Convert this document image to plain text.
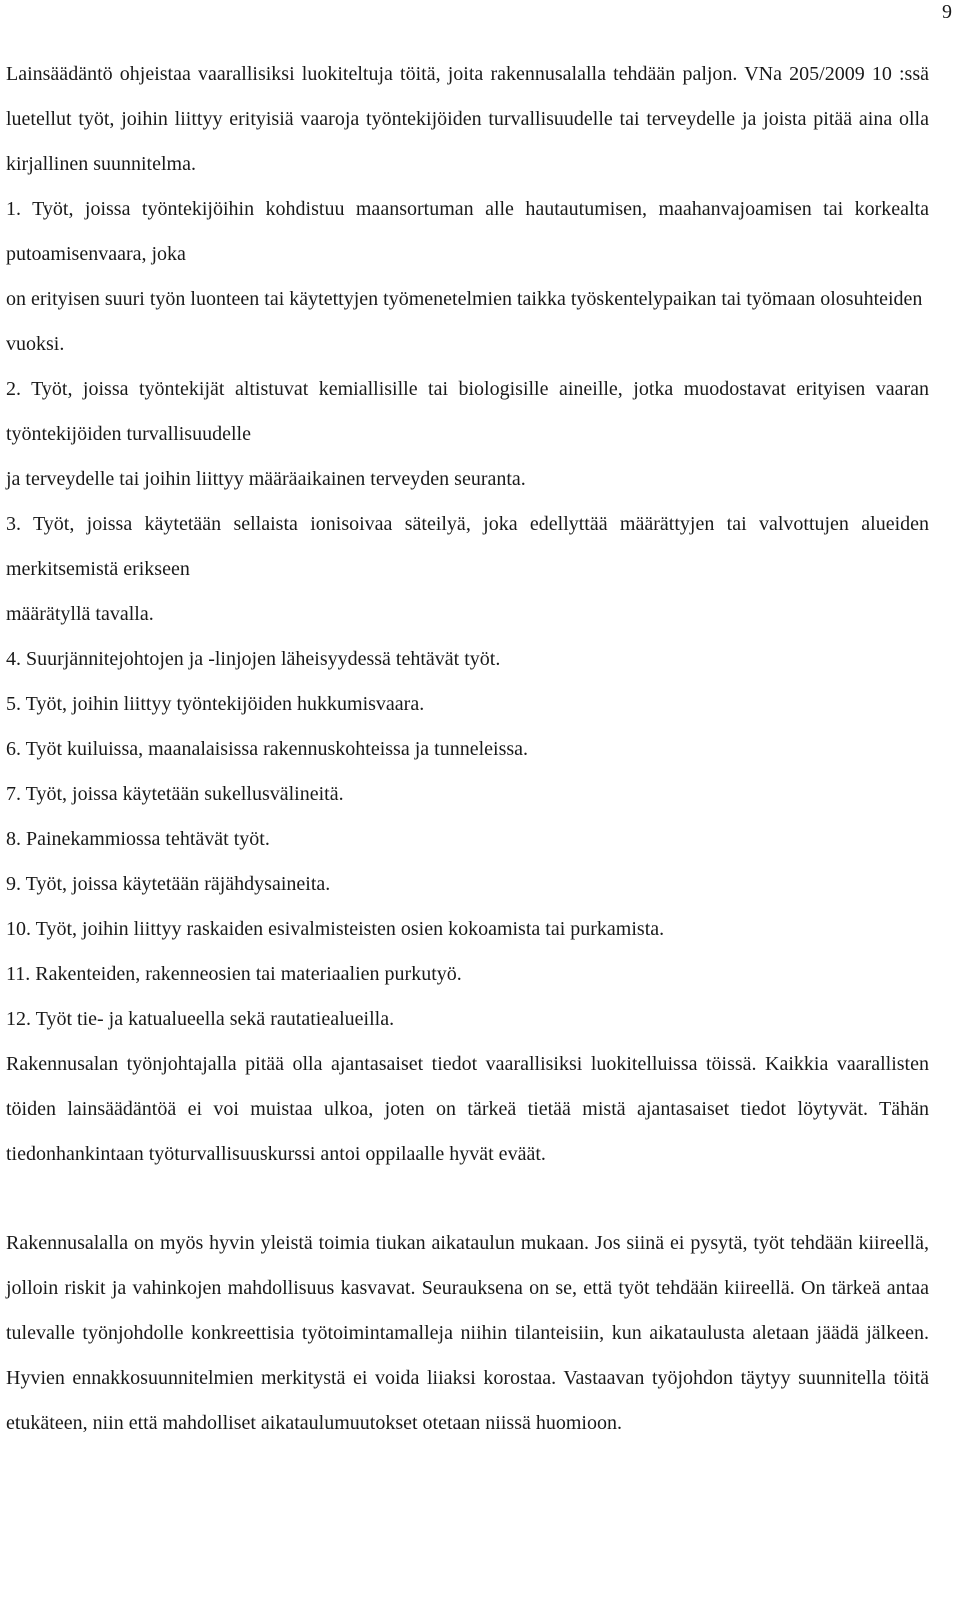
9

Lainsäädäntö ohjeistaa vaarallisiksi luokiteltuja töitä, joita rakennusalalla tehdään paljon. VNa 205/2009 10 :ssä luetellut työt, joihin liittyy erityisiä vaaroja työntekijöiden turvallisuudelle tai terveydelle ja joista pitää aina olla kirjallinen suunnitelma.

1. Työt, joissa työntekijöihin kohdistuu maansortuman alle hautautumisen, maahanvajoamisen tai korkealta putoamisenvaara, joka

on erityisen suuri työn luonteen tai käytettyjen työmenetelmien taikka työskentelypaikan tai työmaan olosuhteiden vuoksi.

2. Työt, joissa työntekijät altistuvat kemiallisille tai biologisille aineille, jotka muodostavat erityisen vaaran työntekijöiden turvallisuudelle

ja terveydelle tai joihin liittyy määräaikainen terveyden seuranta.

3. Työt, joissa käytetään sellaista ionisoivaa säteilyä, joka edellyttää määrättyjen tai valvottujen alueiden merkitsemistä erikseen

määrätyllä tavalla.

4. Suurjännitejohtojen ja -linjojen läheisyydessä tehtävät työt.

5. Työt, joihin liittyy työntekijöiden hukkumisvaara.

6. Työt kuiluissa, maanalaisissa rakennuskohteissa ja tunneleissa.

7. Työt, joissa käytetään sukellusvälineitä.

8. Painekammiossa tehtävät työt.

9. Työt, joissa käytetään räjähdysaineita.

10. Työt, joihin liittyy raskaiden esivalmisteisten osien kokoamista tai purkamista.

11. Rakenteiden, rakenneosien tai materiaalien purkutyö.

12. Työt tie- ja katualueella sekä rautatiealueilla.

Rakennusalan työnjohtajalla pitää olla ajantasaiset tiedot vaarallisiksi luokitelluissa töissä. Kaikkia vaarallisten töiden lainsäädäntöä ei voi muistaa ulkoa, joten on tärkeä tietää mistä ajantasaiset tiedot löytyvät. Tähän tiedonhankintaan työturvallisuuskurssi antoi oppilaalle hyvät eväät.

Rakennusalalla on myös hyvin yleistä toimia tiukan aikataulun mukaan. Jos siinä ei pysytä, työt tehdään kiireellä, jolloin riskit ja vahinkojen mahdollisuus kasvavat. Seurauksena on se, että työt tehdään kiireellä. On tärkeä antaa tulevalle työnjohdolle konkreettisia työtoimintamalleja niihin tilanteisiin, kun aikataulusta aletaan jäädä jälkeen. Hyvien ennakkosuunnitelmien merkitystä ei voida liiaksi korostaa. Vastaavan työjohdon täytyy suunnitella töitä etukäteen, niin että mahdolliset aikataulumuutokset otetaan niissä huomioon.
